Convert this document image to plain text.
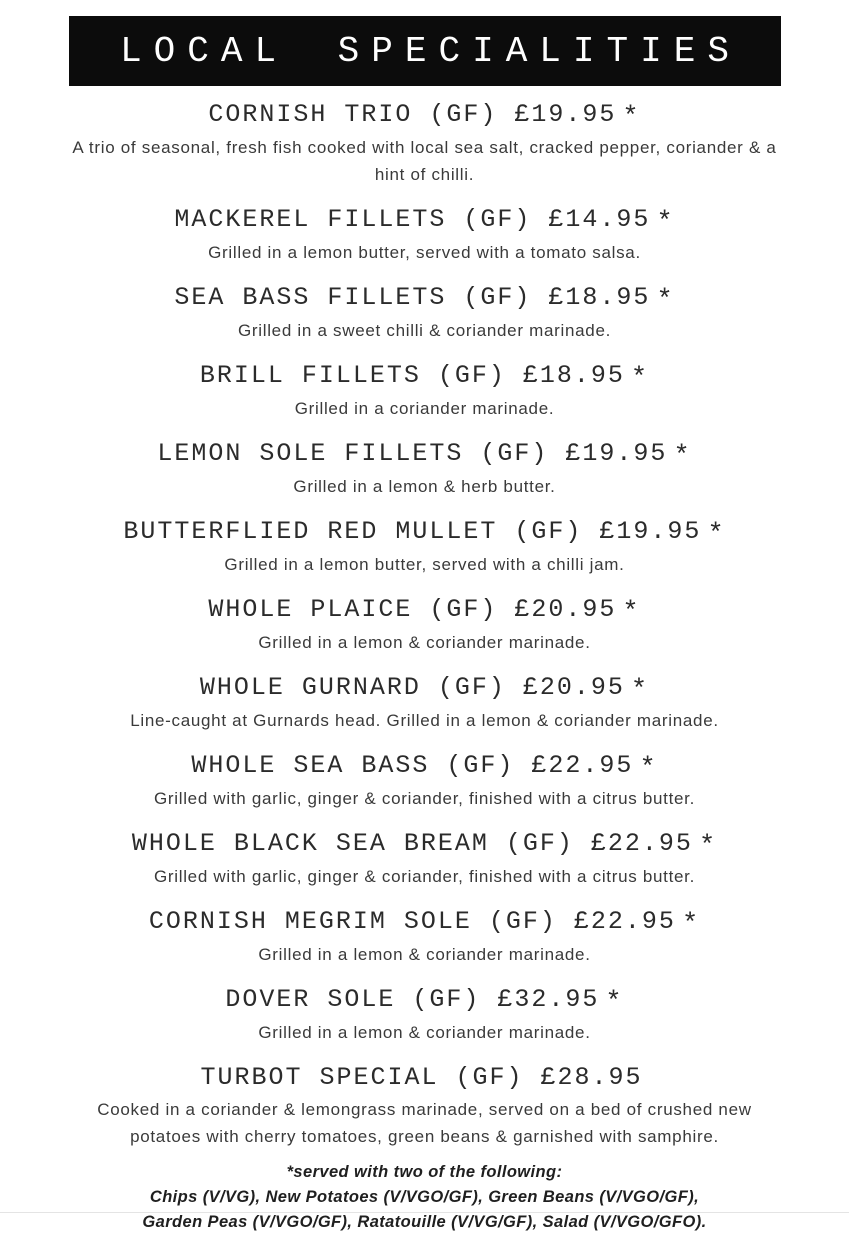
LOCAL SPECIALITIES
CORNISH TRIO (GF) £19.95 *
A trio of seasonal, fresh fish cooked with local sea salt, cracked pepper, coriander & a hint of chilli.
MACKEREL FILLETS (GF) £14.95 *
Grilled in a lemon butter, served with a tomato salsa.
SEA BASS FILLETS (GF) £18.95 *
Grilled in a sweet chilli & coriander marinade.
BRILL FILLETS (GF) £18.95 *
Grilled in a coriander marinade.
LEMON SOLE FILLETS (GF) £19.95 *
Grilled in a lemon & herb butter.
BUTTERFLIED RED MULLET (GF) £19.95 *
Grilled in a lemon butter, served with a chilli jam.
WHOLE PLAICE (GF) £20.95 *
Grilled in a lemon & coriander marinade.
WHOLE GURNARD (GF) £20.95 *
Line-caught at Gurnards head. Grilled in a lemon & coriander marinade.
WHOLE SEA BASS (GF) £22.95 *
Grilled with garlic, ginger & coriander, finished with a citrus butter.
WHOLE BLACK SEA BREAM (GF) £22.95 *
Grilled with garlic, ginger & coriander, finished with a citrus butter.
CORNISH MEGRIM SOLE (GF) £22.95 *
Grilled in a lemon & coriander marinade.
DOVER SOLE (GF) £32.95 *
Grilled in a lemon & coriander marinade.
TURBOT SPECIAL (GF) £28.95
Cooked in a coriander & lemongrass marinade, served on a bed of crushed new potatoes with cherry tomatoes, green beans & garnished with samphire.
*served with two of the following:
Chips (V/VG), New Potatoes (V/VGO/GF), Green Beans (V/VGO/GF),
Garden Peas (V/VGO/GF), Ratatouille (V/VG/GF), Salad (V/VGO/GFO).
